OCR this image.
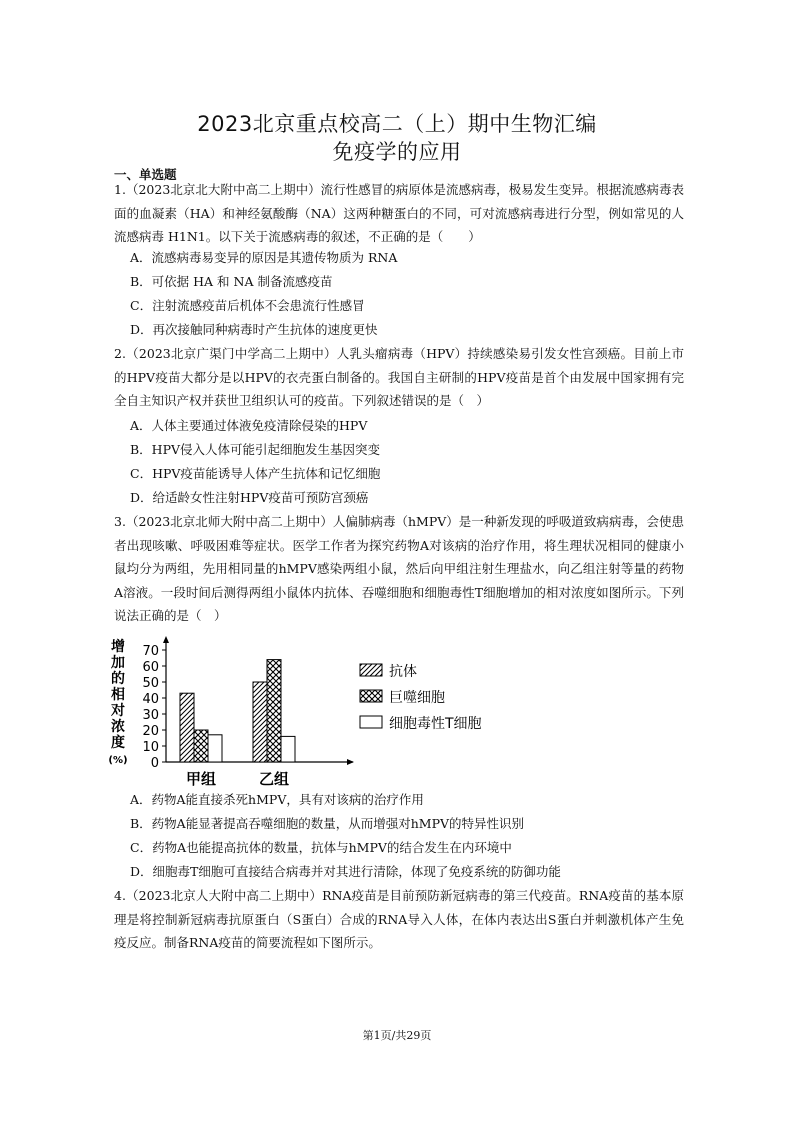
2023北京重点校高二（上）期中生物汇编
免疫学的应用
一、单选题
1.（2023北京北大附中高二上期中）流行性感冒的病原体是流感病毒，极易发生变异。根据流感病毒表面的血凝素（HA）和神经氨酸酶（NA）这两种糖蛋白的不同，可对流感病毒进行分型，例如常见的人流感病毒 H1N1。以下关于流感病毒的叙述，不正确的是（　　）
A．流感病毒易变异的原因是其遗传物质为 RNA
B．可依据 HA 和 NA 制备流感疫苗
C．注射流感疫苗后机体不会患流行性感冒
D．再次接触同种病毒时产生抗体的速度更快
2.（2023北京广渠门中学高二上期中）人乳头瘤病毒（HPV）持续感染易引发女性宫颈癌。目前上市的HPV疫苗大都分是以HPV的衣壳蛋白制备的。我国自主研制的HPV疫苗是首个由发展中国家拥有完全自主知识产权并获世卫组织认可的疫苗。下列叙述错误的是（　）
A．人体主要通过体液免疫清除侵染的HPV
B．HPV侵入人体可能引起细胞发生基因突变
C．HPV疫苗能诱导人体产生抗体和记忆细胞
D．给适龄女性注射HPV疫苗可预防宫颈癌
3.（2023北京北师大附中高二上期中）人偏肺病毒（hMPV）是一种新发现的呼吸道致病病毒，会使患者出现咳嗽、呼吸困难等症状。医学工作者为探究药物A对该病的治疗作用，将生理状况相同的健康小鼠均分为两组，先用相同量的hMPV感染两组小鼠，然后向甲组注射生理盐水，向乙组注射等量的药物A溶液。一段时间后测得两组小鼠体内抗体、吞噬细胞和细胞毒性T细胞增加的相对浓度如图所示。下列说法正确的是（　）
增
加
的
相
对
浓
度
(%)
70
60
50
40
30
20
10
0
甲组	乙组
抗体
巨噬细胞
细胞毒性T细胞
A．药物A能直接杀死hMPV，具有对该病的治疗作用
B．药物A能显著提高吞噬细胞的数量，从而增强对hMPV的特异性识别
C．药物A也能提高抗体的数量，抗体与hMPV的结合发生在内环境中
D．细胞毒T细胞可直接结合病毒并对其进行清除，体现了免疫系统的防御功能
4.（2023北京人大附中高二上期中）RNA疫苗是目前预防新冠病毒的第三代疫苗。RNA疫苗的基本原理是将控制新冠病毒抗原蛋白（S蛋白）合成的RNA导入人体，在体内表达出S蛋白并刺激机体产生免疫反应。制备RNA疫苗的简要流程如下图所示。
第1页/共29页
